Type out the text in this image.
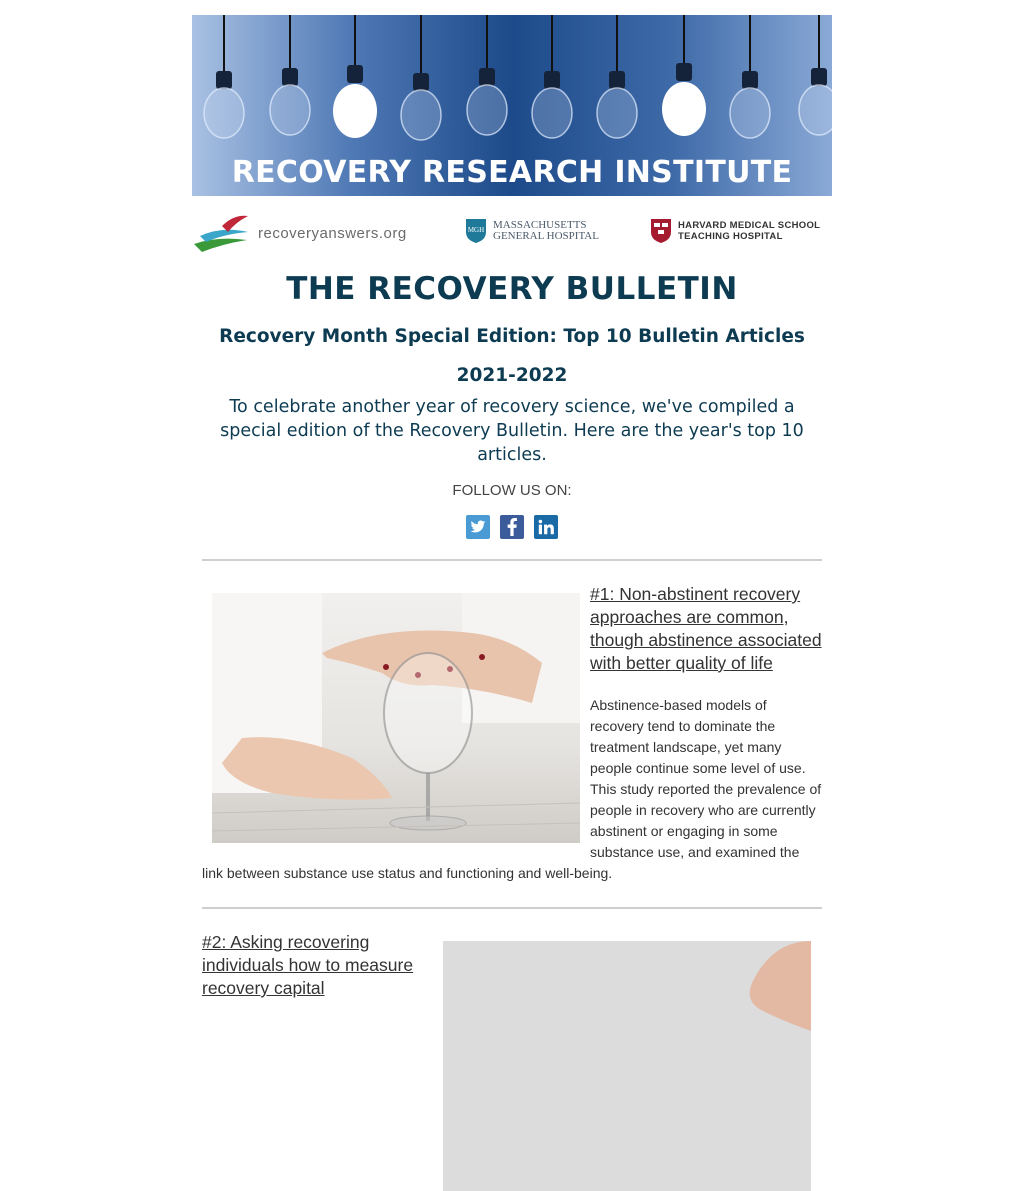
RECOVERY RESEARCH INSTITUTE
recoveryanswers.org	MGH MASSACHUSETTS
GENERAL HOSPITAL
HARVARD MEDICAL SCHOOL
TEACHING HOSPITAL
THE RECOVERY BULLETIN
Recovery Month Special Edition: Top 10 Bulletin Articles 2021-2022

To celebrate another year of recovery science, we've compiled a special edition of the Recovery Bulletin. Here are the year's top 10 articles.

FOLLOW US ON:
#1: Non-abstinent recovery approaches are common, though abstinence associated with better quality of life

Abstinence-based models of recovery tend to dominate the treatment landscape, yet many people continue some level of use. This study reported the prevalence of people in recovery who are currently abstinent or engaging in some substance use, and examined the link between substance use status and functioning and well-being.

#2: Asking recovering individuals how to measure recovery capital
